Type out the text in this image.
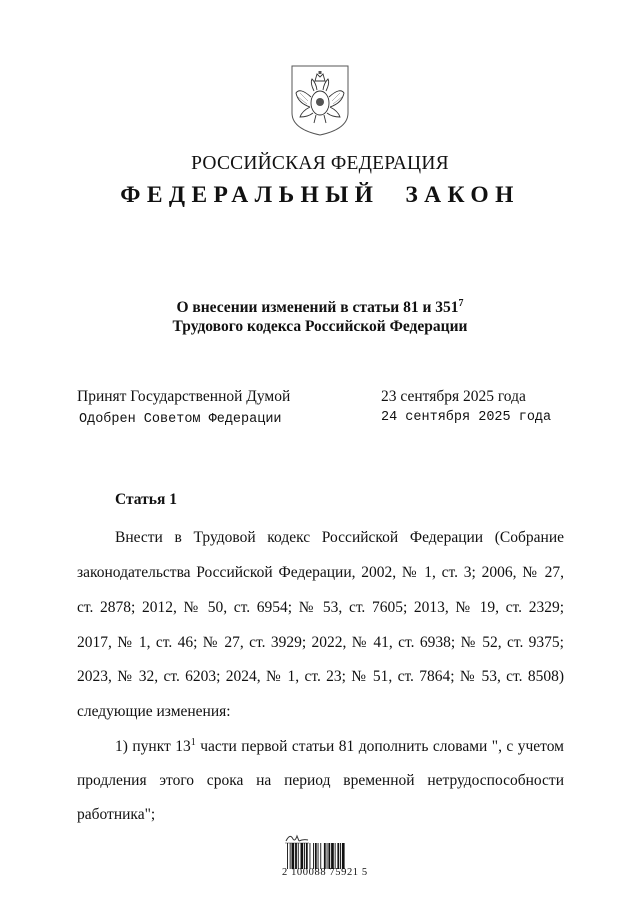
РОССИЙСКАЯ ФЕДЕРАЦИЯ
ФЕДЕРАЛЬНЫЙ ЗАКОН
О внесении изменений в статьи 81 и $351^7$
Трудового кодекса Российской Федерации
Принят Государственной Думой	23 сентября 2025 года
Одобрен Советом Федерации	24 сентября 2025 года
Статья 1
Внести в Трудовой кодекс Российской Федерации (Собрание
законодательства Российской Федерации, 2002, № 1, ст. 3; 2006, № 27,
ст. 2878; 2012, № 50, ст. 6954; № 53, ст. 7605; 2013, № 19, ст. 2329;
2017, № 1, ст. 46; № 27, ст. 3929; 2022, № 41, ст. 6938; № 52, ст. 9375;
2023, № 32, ст. 6203; 2024, № 1, ст. 23; № 51, ст. 7864; № 53, ст. 8508)
следующие изменения:
1) пункт $13^1$ части первой статьи 81 дополнить словами ", с учетом
продления этого срока на период временной нетрудоспособности
работника";
2 100088 75921 5
